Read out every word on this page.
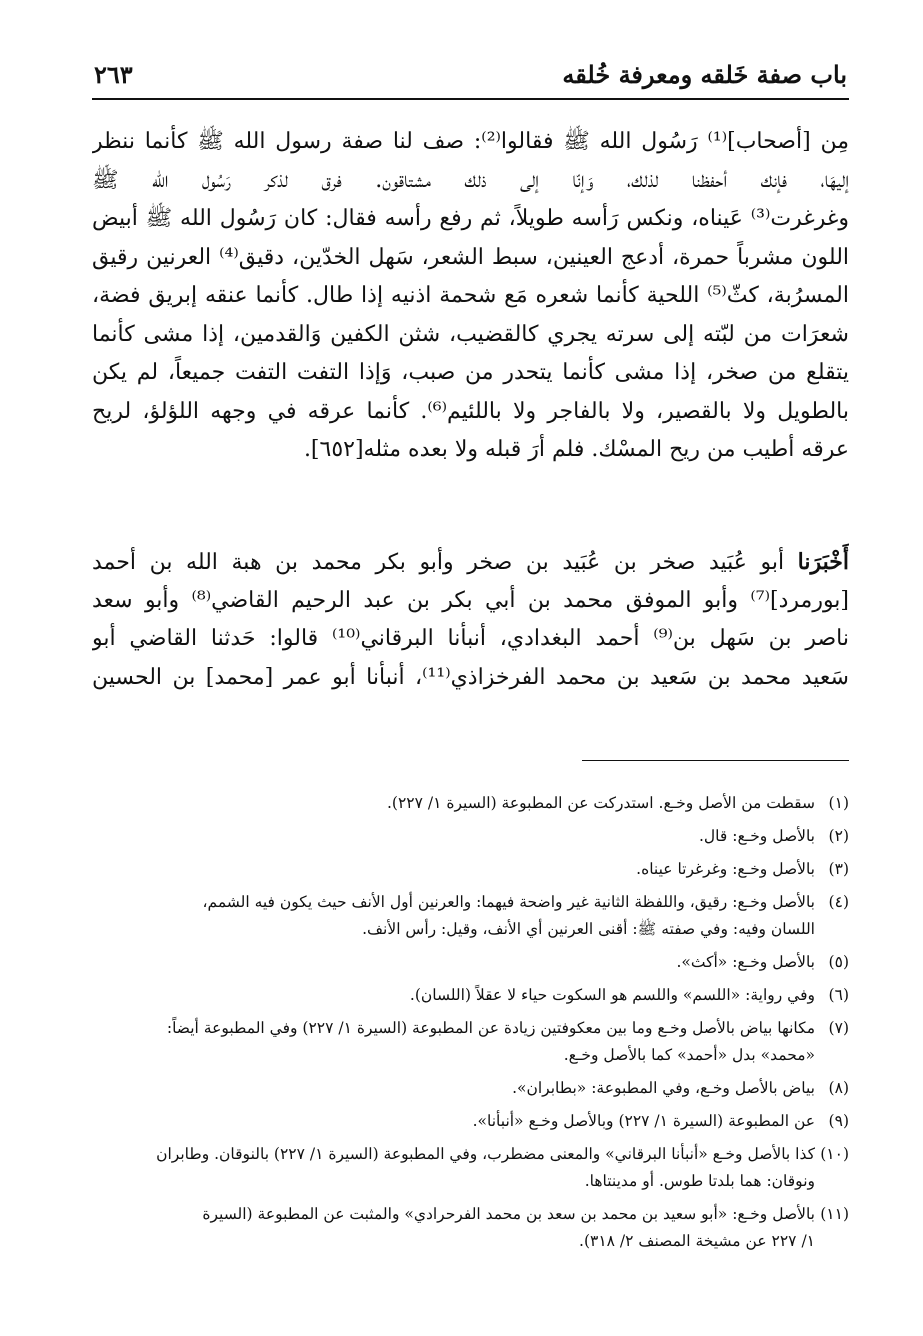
باب صفة خَلقه ومعرفة خُلقه
٢٦٣
مِن [أصحاب]⁽¹⁾ رَسُول الله ﷺ فقالوا⁽²⁾: صف لنا صفة رسول الله ﷺ كأنما ننظر
إليهَا، فإنك أحفظنا لذلك، وَإنّا إلى ذلك مشتاقون. فرق لذكر رَسُول الله ﷺ
وغرغرت⁽³⁾ عَيناه، ونكس رَأسه طويلاً، ثم رفع رأسه فقال: كان رَسُول الله ﷺ أبيض
اللون مشرباً حمرة، أدعج العينين، سبط الشعر، سَهل الخدّين، دقيق⁽⁴⁾ العرنين رقيق
المسرُبة، كثّ⁽⁵⁾ اللحية كأنما شعره مَع شحمة اذنيه إذا طال. كأنما عنقه إبريق فضة،
شعرَات من لبّته إلى سرته يجري كالقضيب، شثن الكفين وَالقدمين، إذا مشى كأنما
يتقلع من صخر، إذا مشى كأنما يتحدر من صبب، وَإذا التفت التفت جميعاً، لم يكن
بالطويل ولا بالقصير، ولا بالفاجر ولا باللئيم⁽⁶⁾. كأنما عرقه في وجهه اللؤلؤ، لريح
عرقه أطيب من ريح المسْك. فلم أرَ قبله ولا بعده مثله[٦٥٢].
أَخْبَرَنا أبو عُبَيد صخر بن عُبَيد بن صخر وأبو بكر محمد بن هبة الله بن أحمد
[بورمرد]⁽⁷⁾ وأبو الموفق محمد بن أبي بكر بن عبد الرحيم القاضي⁽⁸⁾ وأبو سعد
ناصر بن سَهل بن⁽⁹⁾ أحمد البغدادي، أنبأنا البرقاني⁽¹⁰⁾ قالوا: حَدثنا القاضي أبو
سَعيد محمد بن سَعيد بن محمد الفرخزاذي⁽¹¹⁾، أنبأنا أبو عمر [محمد] بن الحسين
(١)سقطت من الأصل وخـع. استدركت عن المطبوعة (السيرة ١/ ٢٢٧).
(٢)بالأصل وخـع: قال.
(٣)بالأصل وخـع: وغرغرتا عيناه.
(٤)بالأصل وخـع: رقيق، واللفظة الثانية غير واضحة فيهما: والعرنين أول الأنف حيث يكون فيه الشمم،
اللسان وفيه: وفي صفته ﷺ: أقنى العرنين أي الأنف، وقيل: رأس الأنف.
(٥)بالأصل وخـع: «أكث».
(٦)وفي رواية: «اللسم» واللسم هو السكوت حياء لا عقلاً (اللسان).
(٧)مكانها بياض بالأصل وخـع وما بين معكوفتين زيادة عن المطبوعة (السيرة ١/ ٢٢٧) وفي المطبوعة أيضاً:
«محمد» بدل «أحمد» كما بالأصل وخـع.
(٨)بياض بالأصل وخـع، وفي المطبوعة: «بطابران».
(٩)عن المطبوعة (السيرة ١/ ٢٢٧) وبالأصل وخـع «أنبأنا».
(١٠)كذا بالأصل وخـع «أنبأنا البرقاني» والمعنى مضطرب، وفي المطبوعة (السيرة ١/ ٢٢٧) بالنوقان. وطابران
ونوقان: هما بلدتا طوس. أو مدينتاها.
(١١)بالأصل وخـع: «أبو سعيد بن محمد بن سعد بن محمد الفرحرادي» والمثبت عن المطبوعة (السيرة
١/ ٢٢٧ عن مشيخة المصنف ٢/ ٣١٨).
